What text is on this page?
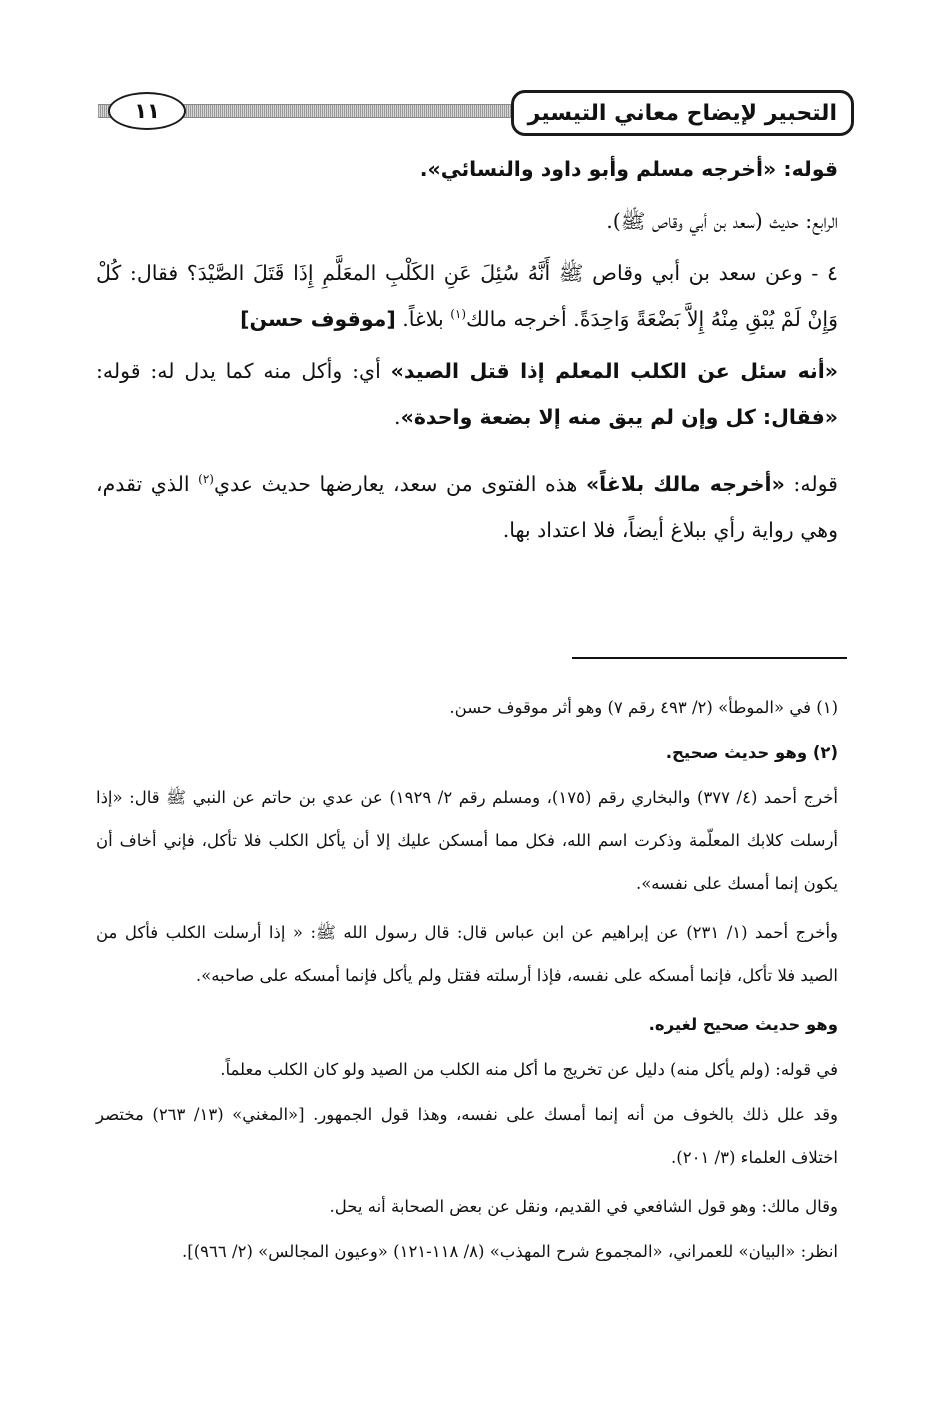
التحبير لإيضاح معاني التيسير
١١

قوله: «أخرجه مسلم وأبو داود والنسائي».

الرابع: حديث (سعد بن أبي وقاص ﷺ).

٤ - وعن سعد بن أبي وقاص ﷺ أَنَّهُ سُئِلَ عَنِ الكَلْبِ المعَلَّمِ إِذَا قَتَلَ الصَّيْدَ؟ فقال: كُلْ وَإِنْ لَمْ يُبْقِ مِنْهُ إِلاَّ بَضْعَةً وَاحِدَةً. أخرجه مالك$^{(١)}$ بلاغاً. [موقوف حسن]

«أنه سئل عن الكلب المعلم إذا قتل الصيد» أي: وأكل منه كما يدل له: قوله: «فقال: كل وإن لم يبق منه إلا بضعة واحدة».

قوله: «أخرجه مالك بلاغاً» هذه الفتوى من سعد، يعارضها حديث عدي$^{(٢)}$ الذي تقدم، وهي رواية رأي ببلاغ أيضاً، فلا اعتداد بها.

(١) في «الموطأ» (٢/ ٤٩٣ رقم ٧) وهو أثر موقوف حسن.

(٢) وهو حديث صحيح.

أخرج أحمد (٤/ ٣٧٧) والبخاري رقم (١٧٥)، ومسلم رقم ٢/ ١٩٢٩) عن عدي بن حاتم عن النبي ﷺ قال: «إذا أرسلت كلابك المعلّمة وذكرت اسم الله، فكل مما أمسكن عليك إلا أن يأكل الكلب فلا تأكل، فإني أخاف أن يكون إنما أمسك على نفسه».

وأخرج أحمد (١/ ٢٣١) عن إبراهيم عن ابن عباس قال: قال رسول الله ﷺ: « إذا أرسلت الكلب فأكل من الصيد فلا تأكل، فإنما أمسكه على نفسه، فإذا أرسلته فقتل ولم يأكل فإنما أمسكه على صاحبه».

وهو حديث صحيح لغيره.

في قوله: (ولم يأكل منه) دليل عن تخريج ما أكل منه الكلب من الصيد ولو كان الكلب معلماً.

وقد علل ذلك بالخوف من أنه إنما أمسك على نفسه، وهذا قول الجمهور. [«المغني» (١٣/ ٢٦٣) مختصر اختلاف العلماء (٣/ ٢٠١).

وقال مالك: وهو قول الشافعي في القديم، ونقل عن بعض الصحابة أنه يحل.

انظر: «البيان» للعمراني، «المجموع شرح المهذب» (٨/ ١١٨-١٢١) «وعيون المجالس» (٢/ ٩٦٦)].
